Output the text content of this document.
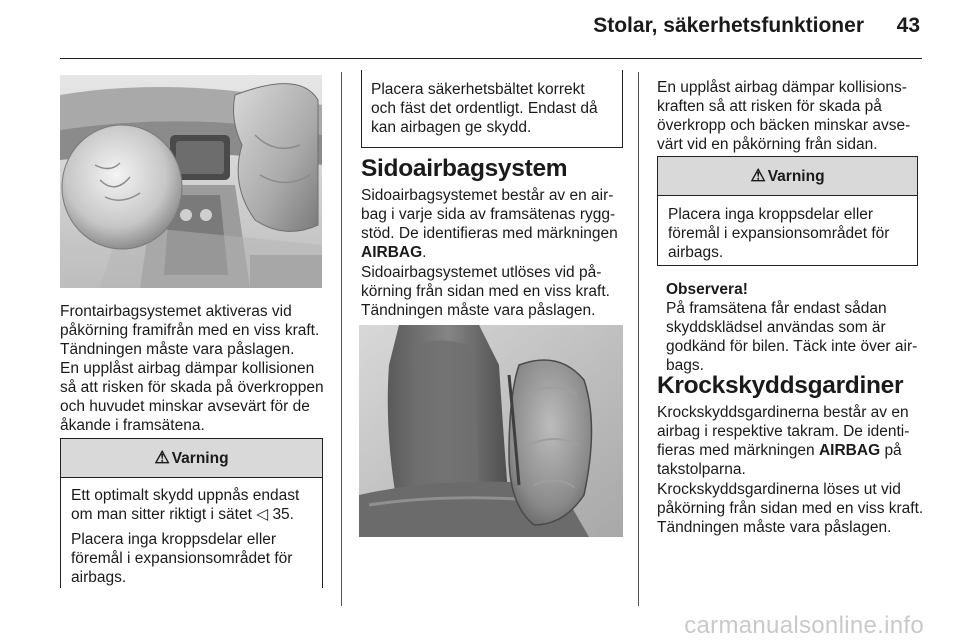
Stolar, säkerhetsfunktioner 43

Frontairbagsystemet aktiveras vid påkörning framifrån med en viss kraft. Tändningen måste vara påslagen.

En upplåst airbag dämpar kollisionen så att risken för skada på överkroppen och huvudet minskar avsevärt för de åkande i framsätena.

⚠ Varning

Ett optimalt skydd uppnås endast om man sitter riktigt i sätet ◁ 35.

Placera inga kroppsdelar eller föremål i expansionsområdet för airbags.

Placera säkerhetsbältet korrekt och fäst det ordentligt. Endast då kan airbagen ge skydd.
Sidoairbagsystem

Sidoairbagsystemet består av en airbag i varje sida av framsätenas ryggstöd. De identifieras med märkningen AIRBAG.

Sidoairbagsystemet utlöses vid påkörning från sidan med en viss kraft. Tändningen måste vara påslagen.

En upplåst airbag dämpar kollisionskraften så att risken för skada på överkropp och bäcken minskar avsevärt vid en påkörning från sidan.

⚠ Varning

Placera inga kroppsdelar eller föremål i expansionsområdet för airbags.

Observera!
På framsätena får endast sådan skyddsklädsel användas som är godkänd för bilen. Täck inte över airbags.
Krockskyddsgardiner

Krockskyddsgardinerna består av en airbag i respektive takram. De identifieras med märkningen AIRBAG på takstolparna.

Krockskyddsgardinerna löses ut vid påkörning från sidan med en viss kraft. Tändningen måste vara påslagen.

carmanualsonline.info
